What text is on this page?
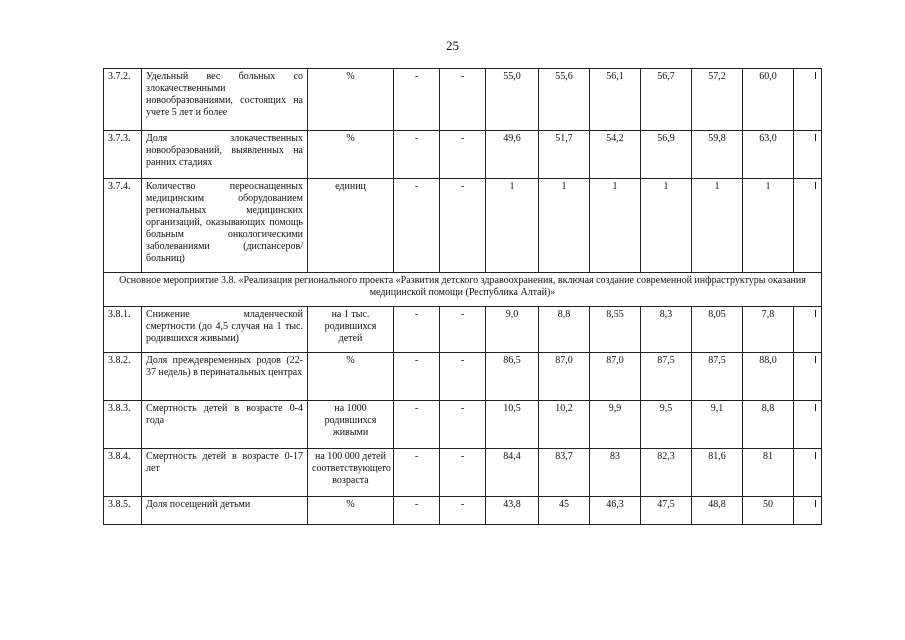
25
3.7.2.	Удельный вес больных со злокачественными новообразованиями, состоящих на учете 5 лет и более	%	-	-	55,0	55,6	56,1	56,7	57,2	60,0	I
3.7.3.	Доля злокачественных новообразований, выявленных на ранних стадиях	%	-	-	49,6	51,7	54,2	56,9	59,8	63,0	I
3.7.4.	Количество переоснащенных медицинским оборудованием региональных медицинских организаций, оказывающих помощь больным онкологическими заболеваниями (диспансеров/больниц)	единиц	-	-	1	1	1	1	1	1	I
Основное мероприятие 3.8. «Реализация регионального проекта «Развития детского здравоохранения, включая создание современной инфраструктуры оказания медицинской помощи (Республика Алтай)»											
3.8.1.	Снижение младенческой смертности (до 4,5 случая на 1 тыс. родившихся живыми)	на 1 тыс. родившихся детей	-	-	9,0	8,8	8,55	8,3	8,05	7,8	I
3.8.2.	Доля преждевременных родов (22-37 недель) в перинатальных центрах	%	-	-	86,5	87,0	87,0	87,5	87,5	88,0	I
3.8.3.	Смертность детей в возрасте 0-4 года	на 1000 родившихся живыми	-	-	10,5	10,2	9,9	9,5	9,1	8,8	I
3.8.4.	Смертность детей в возрасте 0-17 лет	на 100 000 детей соответствующего возраста	-	-	84,4	83,7	83	82,3	81,6	81	I
3.8.5.	Доля посещений детьми	%	-	-	43,8	45	46,3	47,5	48,8	50	I
